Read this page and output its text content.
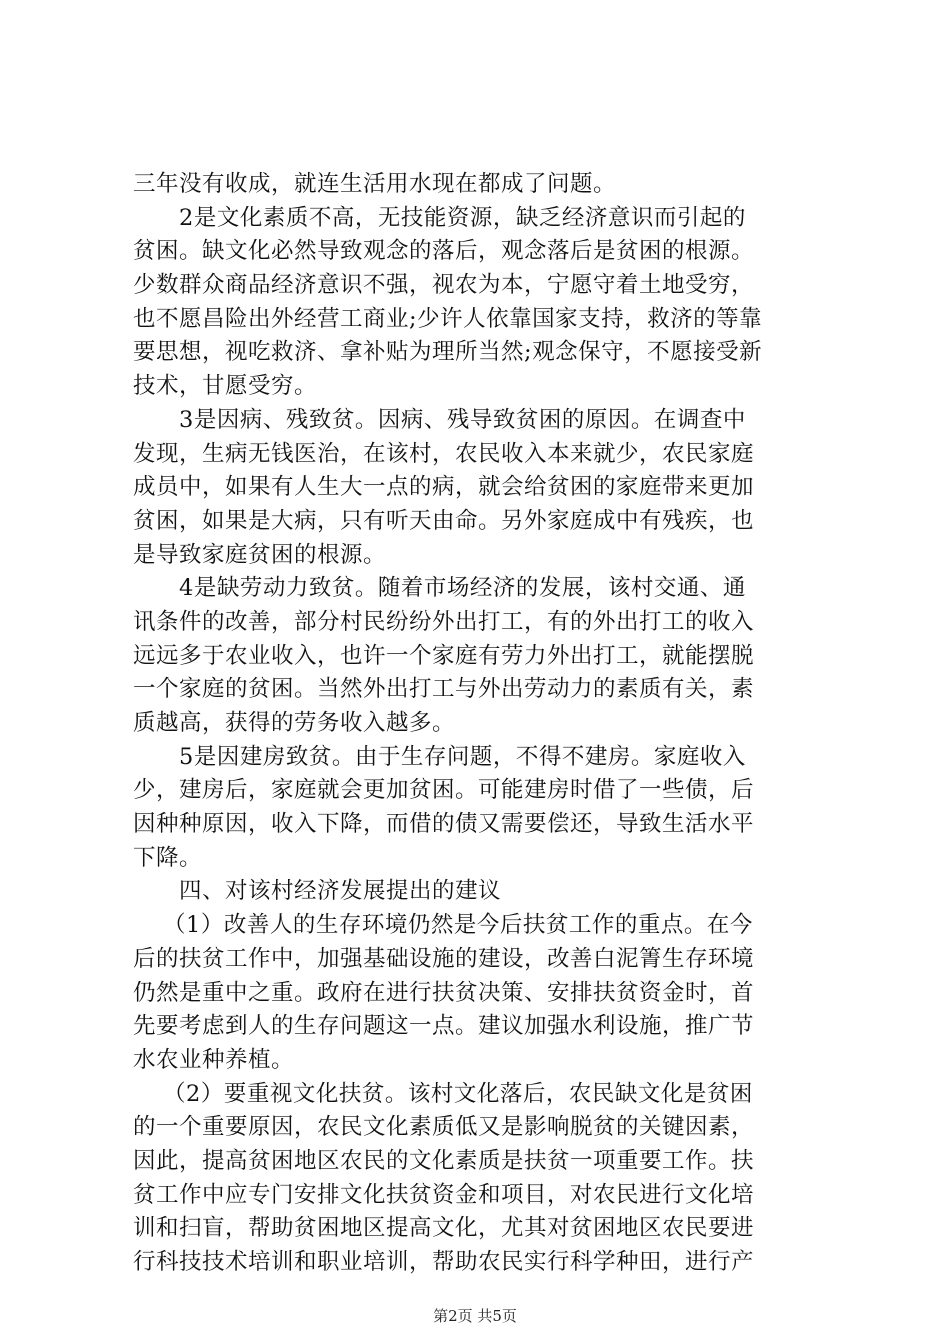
三年没有收成，就连生活用水现在都成了问题。
2是文化素质不高，无技能资源，缺乏经济意识而引起的
贫困。缺文化必然导致观念的落后，观念落后是贫困的根源。
少数群众商品经济意识不强，视农为本，宁愿守着土地受穷，
也不愿昌险出外经营工商业;少许人依靠国家支持，救济的等靠
要思想，视吃救济、拿补贴为理所当然;观念保守，不愿接受新
技术，甘愿受穷。
3是因病、残致贫。因病、残导致贫困的原因。在调查中
发现，生病无钱医治，在该村，农民收入本来就少，农民家庭
成员中，如果有人生大一点的病，就会给贫困的家庭带来更加
贫困，如果是大病，只有听天由命。另外家庭成中有残疾，也
是导致家庭贫困的根源。
4是缺劳动力致贫。随着市场经济的发展，该村交通、通
讯条件的改善，部分村民纷纷外出打工，有的外出打工的收入
远远多于农业收入，也许一个家庭有劳力外出打工，就能摆脱
一个家庭的贫困。当然外出打工与外出劳动力的素质有关，素
质越高，获得的劳务收入越多。
5是因建房致贫。由于生存问题，不得不建房。家庭收入
少，建房后，家庭就会更加贫困。可能建房时借了一些债，后
因种种原因，收入下降，而借的债又需要偿还，导致生活水平
下降。
四、对该村经济发展提出的建议
（1）改善人的生存环境仍然是今后扶贫工作的重点。在今
后的扶贫工作中，加强基础设施的建设，改善白泥箐生存环境
仍然是重中之重。政府在进行扶贫决策、安排扶贫资金时，首
先要考虑到人的生存问题这一点。建议加强水利设施，推广节
水农业种养植。
（2）要重视文化扶贫。该村文化落后，农民缺文化是贫困
的一个重要原因，农民文化素质低又是影响脱贫的关键因素，
因此，提高贫困地区农民的文化素质是扶贫一项重要工作。扶
贫工作中应专门安排文化扶贫资金和项目，对农民进行文化培
训和扫盲，帮助贫困地区提高文化，尤其对贫困地区农民要进
行科技技术培训和职业培训，帮助农民实行科学种田，进行产
第2页 共5页
